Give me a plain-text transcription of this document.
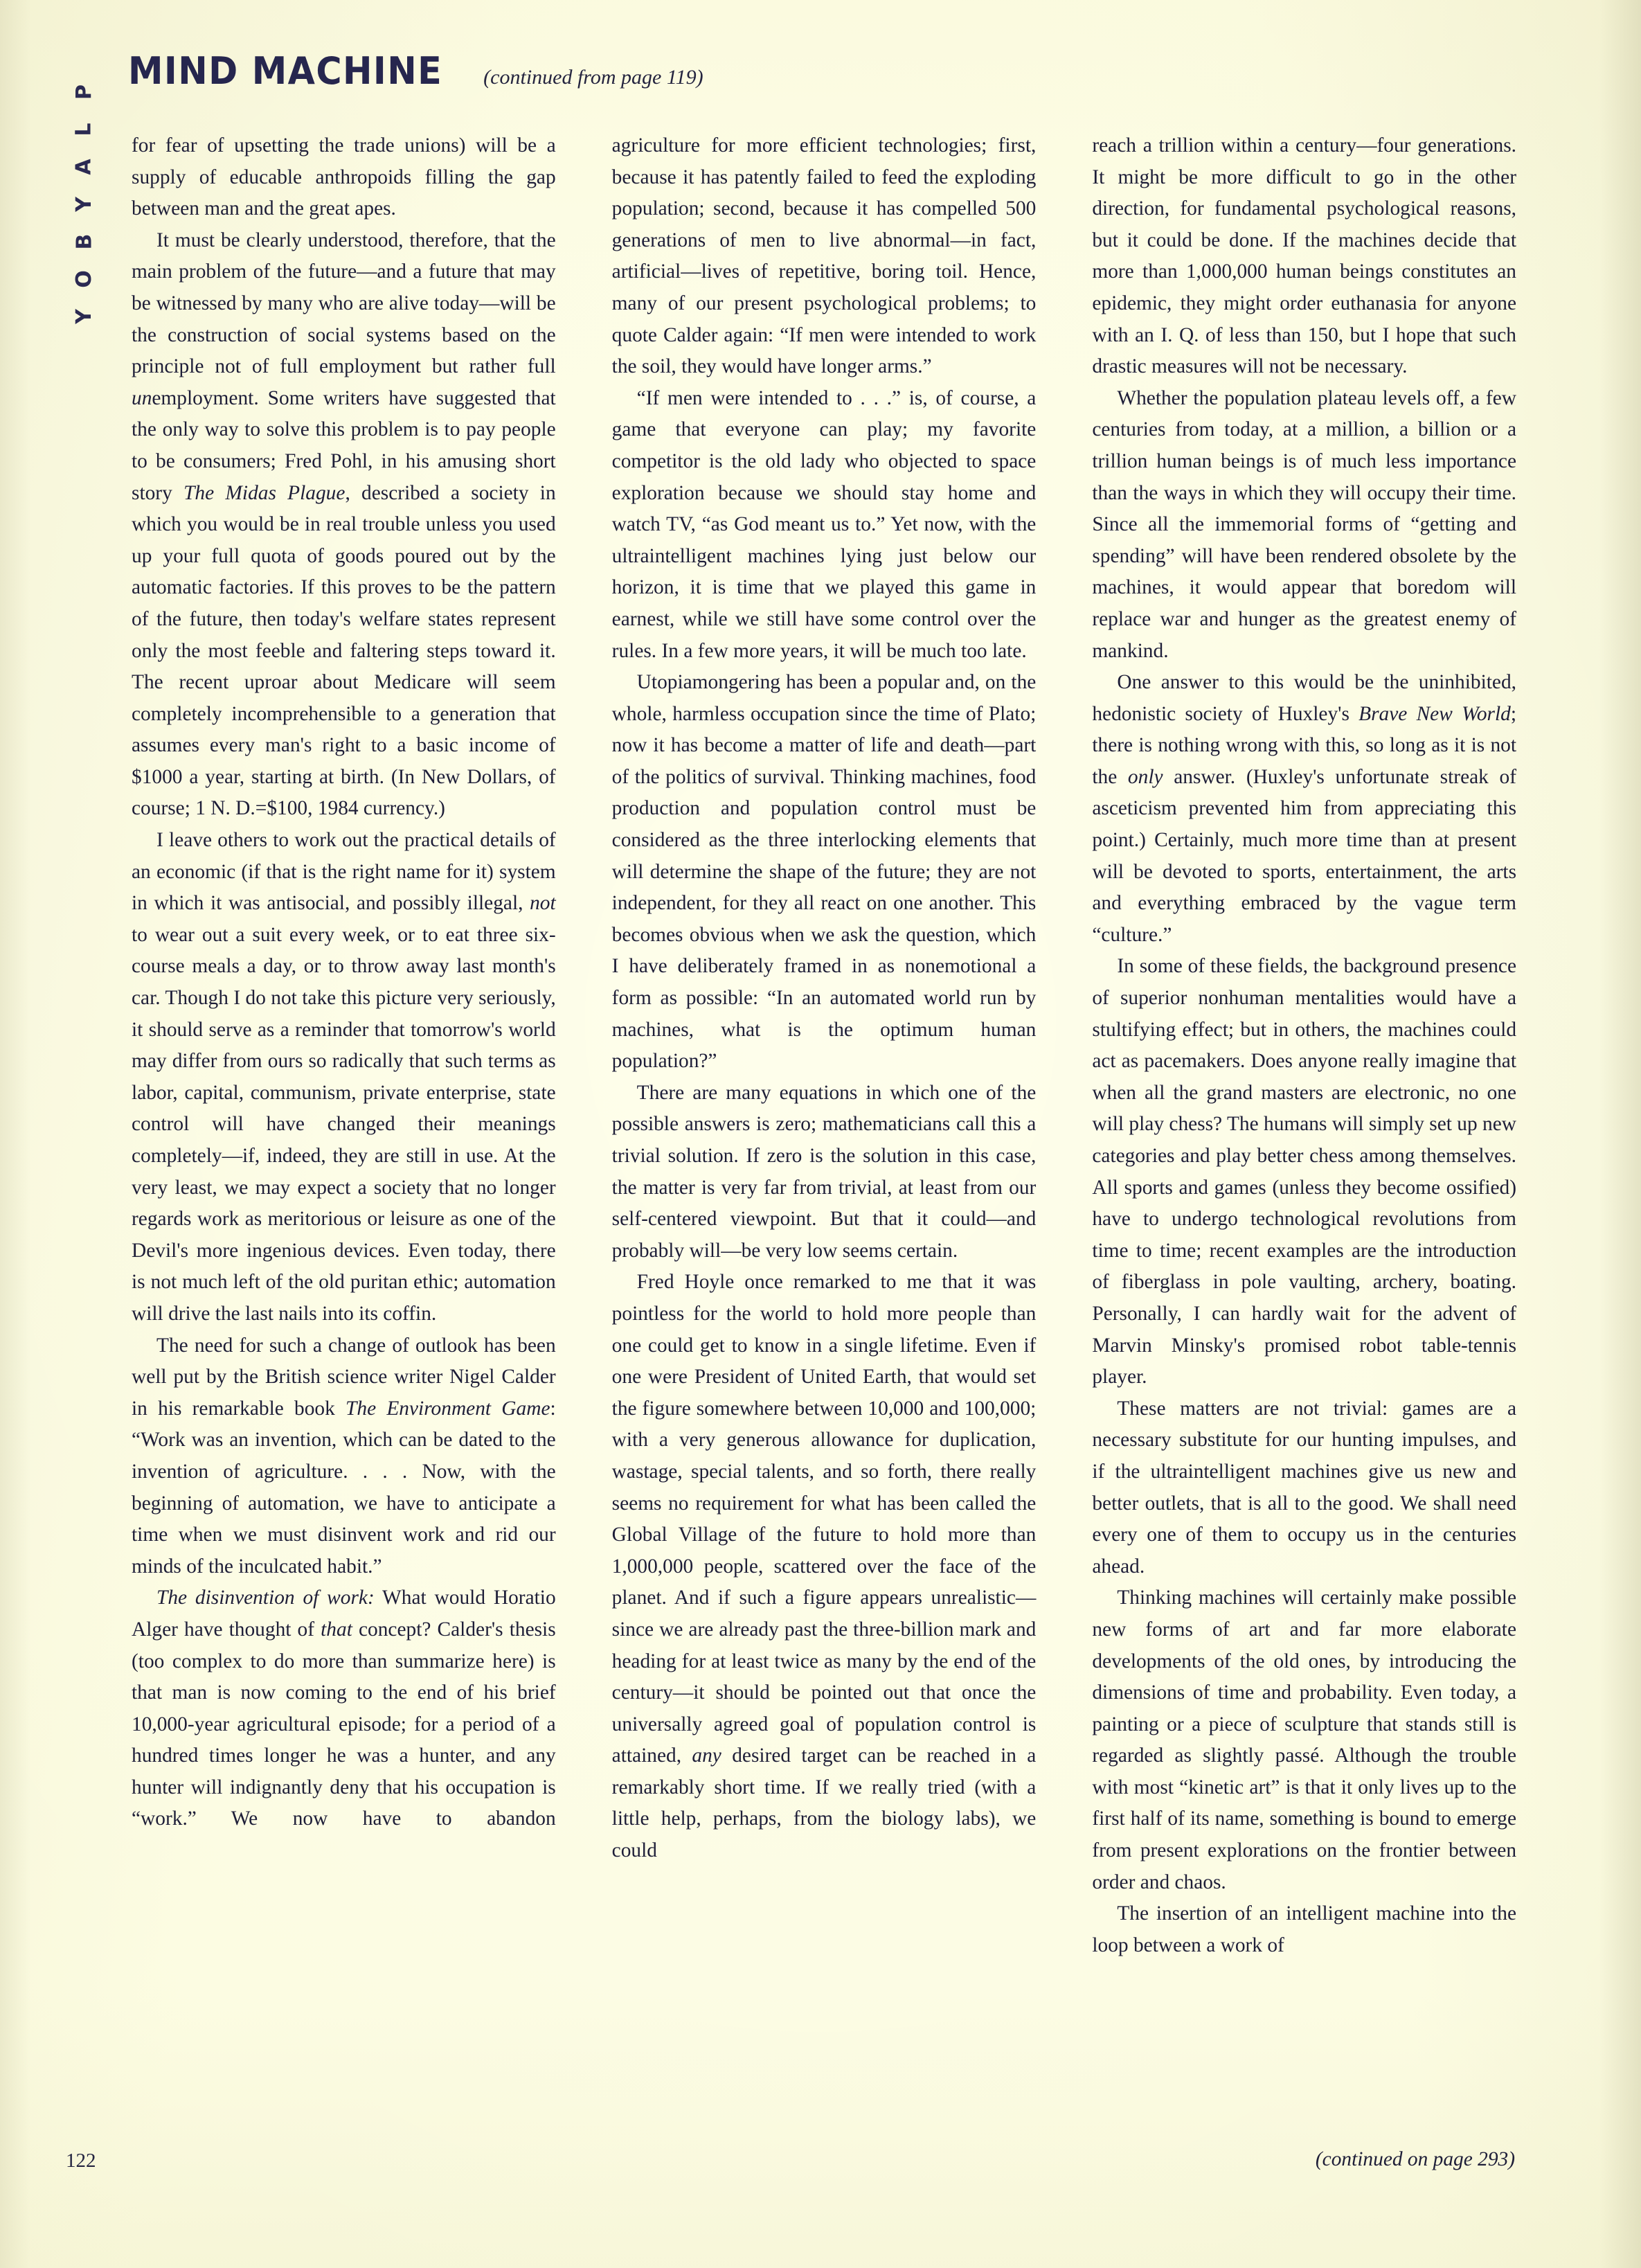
P
L
A
Y
B
O
Y
MIND MACHINE (continued from page 119)

for fear of upsetting the trade unions) will be a supply of educable anthropoids filling the gap between man and the great apes.

It must be clearly understood, therefore, that the main problem of the future—and a future that may be witnessed by many who are alive today—will be the construction of social systems based on the principle not of full employment but rather full unemployment. Some writers have suggested that the only way to solve this problem is to pay people to be consumers; Fred Pohl, in his amusing short story The Midas Plague, described a society in which you would be in real trouble unless you used up your full quota of goods poured out by the automatic factories. If this proves to be the pattern of the future, then today's welfare states represent only the most feeble and faltering steps toward it. The recent uproar about Medicare will seem completely incomprehensible to a generation that assumes every man's right to a basic income of $1000 a year, starting at birth. (In New Dollars, of course; 1 N. D.=$100, 1984 currency.)

I leave others to work out the practical details of an economic (if that is the right name for it) system in which it was antisocial, and possibly illegal, not to wear out a suit every week, or to eat three six-course meals a day, or to throw away last month's car. Though I do not take this picture very seriously, it should serve as a reminder that tomorrow's world may differ from ours so radically that such terms as labor, capital, communism, private enterprise, state control will have changed their meanings completely—if, indeed, they are still in use. At the very least, we may expect a society that no longer regards work as meritorious or leisure as one of the Devil's more ingenious devices. Even today, there is not much left of the old puritan ethic; automation will drive the last nails into its coffin.

The need for such a change of outlook has been well put by the British science writer Nigel Calder in his remarkable book The Environment Game: “Work was an invention, which can be dated to the invention of agriculture. . . . Now, with the beginning of automation, we have to anticipate a time when we must disinvent work and rid our minds of the inculcated habit.”

The disinvention of work: What would Horatio Alger have thought of that concept? Calder's thesis (too complex to do more than summarize here) is that man is now coming to the end of his brief 10,000-year agricultural episode; for a period of a hundred times longer he was a hunter, and any hunter will indignantly deny that his occupation is “work.” We now have to abandon

agriculture for more efficient technologies; first, because it has patently failed to feed the exploding population; second, because it has compelled 500 generations of men to live abnormal—in fact, artificial—lives of repetitive, boring toil. Hence, many of our present psychological problems; to quote Calder again: “If men were intended to work the soil, they would have longer arms.”

“If men were intended to . . .” is, of course, a game that everyone can play; my favorite competitor is the old lady who objected to space exploration because we should stay home and watch TV, “as God meant us to.” Yet now, with the ultraintelligent machines lying just below our horizon, it is time that we played this game in earnest, while we still have some control over the rules. In a few more years, it will be much too late.

Utopiamongering has been a popular and, on the whole, harmless occupation since the time of Plato; now it has become a matter of life and death—part of the politics of survival. Thinking machines, food production and population control must be considered as the three interlocking elements that will determine the shape of the future; they are not independent, for they all react on one another. This becomes obvious when we ask the question, which I have deliberately framed in as nonemotional a form as possible: “In an automated world run by machines, what is the optimum human population?”

There are many equations in which one of the possible answers is zero; mathematicians call this a trivial solution. If zero is the solution in this case, the matter is very far from trivial, at least from our self-centered viewpoint. But that it could—and probably will—be very low seems certain.

Fred Hoyle once remarked to me that it was pointless for the world to hold more people than one could get to know in a single lifetime. Even if one were President of United Earth, that would set the figure somewhere between 10,000 and 100,000; with a very generous allowance for duplication, wastage, special talents, and so forth, there really seems no requirement for what has been called the Global Village of the future to hold more than 1,000,000 people, scattered over the face of the planet. And if such a figure appears unrealistic—since we are already past the three-billion mark and heading for at least twice as many by the end of the century—it should be pointed out that once the universally agreed goal of population control is attained, any desired target can be reached in a remarkably short time. If we really tried (with a little help, perhaps, from the biology labs), we could

reach a trillion within a century—four generations. It might be more difficult to go in the other direction, for fundamental psychological reasons, but it could be done. If the machines decide that more than 1,000,000 human beings constitutes an epidemic, they might order euthanasia for anyone with an I. Q. of less than 150, but I hope that such drastic measures will not be necessary.

Whether the population plateau levels off, a few centuries from today, at a million, a billion or a trillion human beings is of much less importance than the ways in which they will occupy their time. Since all the immemorial forms of “getting and spending” will have been rendered obsolete by the machines, it would appear that boredom will replace war and hunger as the greatest enemy of mankind.

One answer to this would be the uninhibited, hedonistic society of Huxley's Brave New World; there is nothing wrong with this, so long as it is not the only answer. (Huxley's unfortunate streak of asceticism prevented him from appreciating this point.) Certainly, much more time than at present will be devoted to sports, entertainment, the arts and everything embraced by the vague term “culture.”

In some of these fields, the background presence of superior nonhuman mentalities would have a stultifying effect; but in others, the machines could act as pacemakers. Does anyone really imagine that when all the grand masters are electronic, no one will play chess? The humans will simply set up new categories and play better chess among themselves. All sports and games (unless they become ossified) have to undergo technological revolutions from time to time; recent examples are the introduction of fiberglass in pole vaulting, archery, boating. Personally, I can hardly wait for the advent of Marvin Minsky's promised robot table-tennis player.

These matters are not trivial: games are a necessary substitute for our hunting impulses, and if the ultraintelligent machines give us new and better outlets, that is all to the good. We shall need every one of them to occupy us in the centuries ahead.

Thinking machines will certainly make possible new forms of art and far more elaborate developments of the old ones, by introducing the dimensions of time and probability. Even today, a painting or a piece of sculpture that stands still is regarded as slightly passé. Although the trouble with most “kinetic art” is that it only lives up to the first half of its name, something is bound to emerge from present explorations on the frontier between order and chaos.

The insertion of an intelligent machine into the loop between a work of

122	(continued on page 293)
